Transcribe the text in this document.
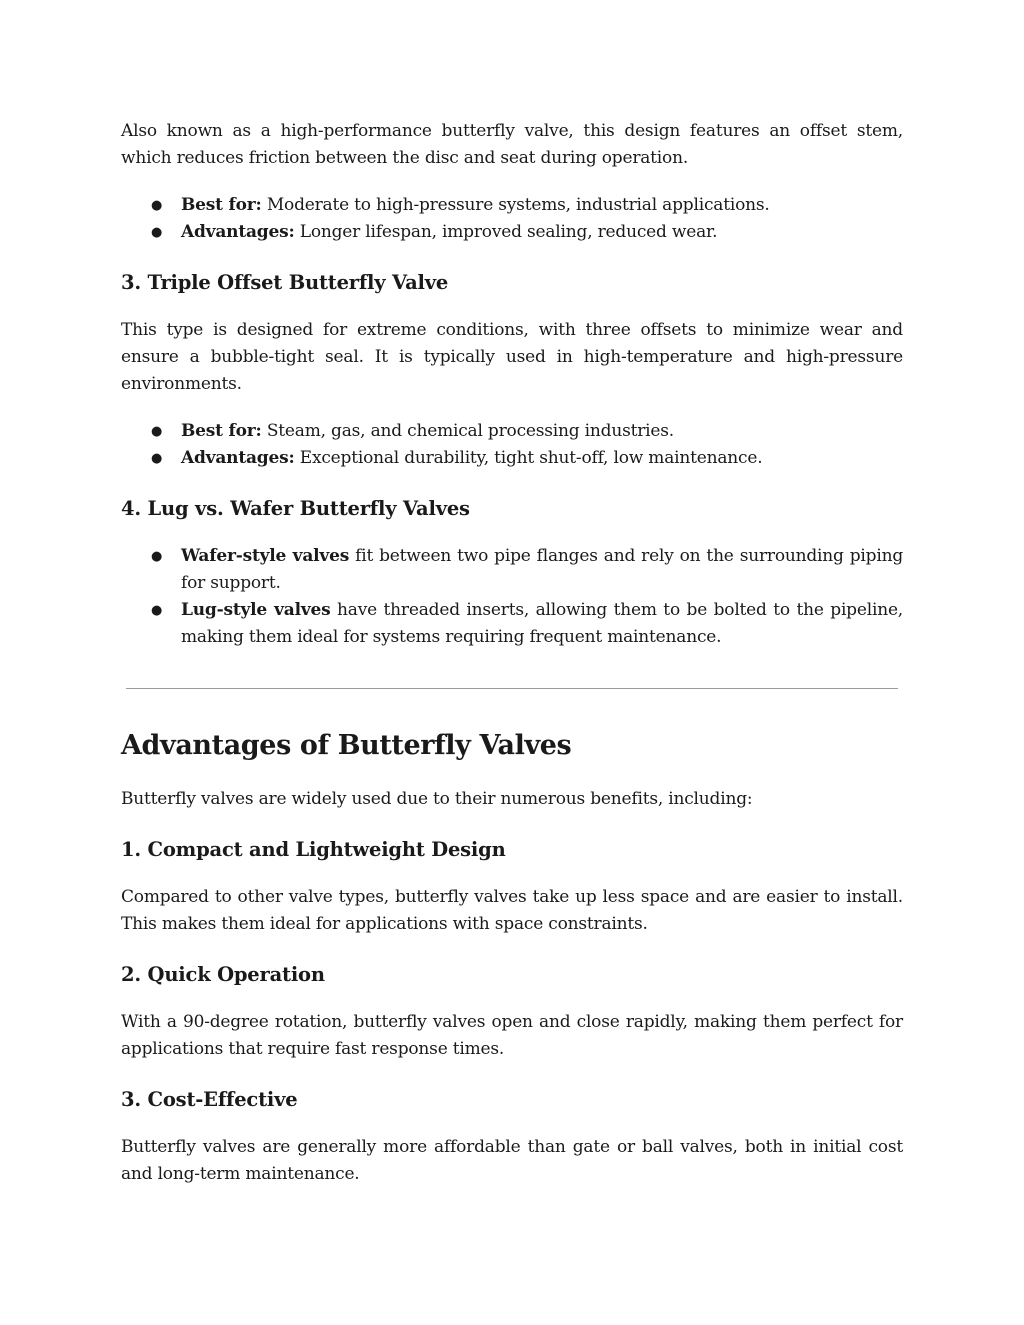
Also known as a high-performance butterfly valve, this design features an offset stem, which reduces friction between the disc and seat during operation.

● Best for: Moderate to high-pressure systems, industrial applications.
● Advantages: Longer lifespan, improved sealing, reduced wear.
3. Triple Offset Butterfly Valve

This type is designed for extreme conditions, with three offsets to minimize wear and ensure a bubble-tight seal. It is typically used in high-temperature and high-pressure environments.

● Best for: Steam, gas, and chemical processing industries.
● Advantages: Exceptional durability, tight shut-off, low maintenance.
4. Lug vs. Wafer Butterfly Valves
● Wafer-style valves fit between two pipe flanges and rely on the surrounding piping for support.
● Lug-style valves have threaded inserts, allowing them to be bolted to the pipeline, making them ideal for systems requiring frequent maintenance.
Advantages of Butterfly Valves

Butterfly valves are widely used due to their numerous benefits, including:

1. Compact and Lightweight Design

Compared to other valve types, butterfly valves take up less space and are easier to install. This makes them ideal for applications with space constraints.

2. Quick Operation

With a 90-degree rotation, butterfly valves open and close rapidly, making them perfect for applications that require fast response times.

3. Cost-Effective

Butterfly valves are generally more affordable than gate or ball valves, both in initial cost and long-term maintenance.
